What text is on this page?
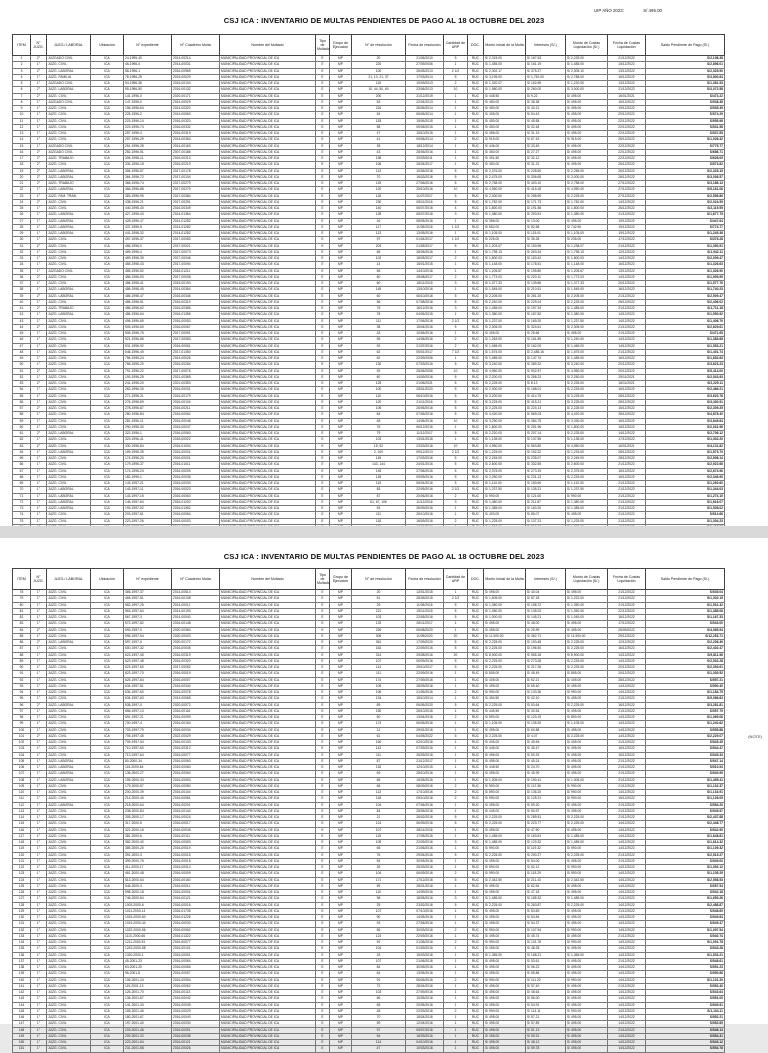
UIP AÑO 2023:	S/ 495.00
CSJ ICA : INVENTARIO DE MULTAS PENDIENTES DE PAGO AL 18 OCTUBRE DEL 2023
ITEM	N° JUZG.	JUZG./ LABORAL	Ubicación	N° expediente	N° Cuaderno Multa	Nombre del Multado	Tipo de Multado	Grupo de Ejecución	N° de resolución	Fecha de resolución	Cantidad de URP	DOC.	Monto inicial de la Multa	Intereses (S/.)	Monto de Costas Liquidación (S/.)	Fecha de Costas Liquidación	Saldo Pendiente de Pago (S/.)
1	2°	JUZGADO CIVIL	ICA	24-1995-40	2014-00214	MUNICIPALIDAD PROVINCIAL DE ICA	E	MP	20	21/06/2010	5	RUC	S/ 2,315.00	S/ 167.63	S/ 2,225.00	21/12/2022	S/2,198.38
2	1°	JUZG. CIVIL	ICA	46-1996-0	2014-00031	MUNICIPALIDAD PROVINCIAL DE ICA	E	MP	220	27/09/2006	1	RUC	S/ 1,485.00	S/ 161.19	S/ 1,485.00	15/12/2022	S/2,896.01
3	2°	JUZG. LABORAL	ICA	58-1996-1	2016-00969	MUNICIPALIDAD PROVINCIAL DE ICA	E	MP	100	26/05/2013	2 1/2	RUC	S/ 2,302.17	S/ 375.27	S/ 2,305.10	13/12/2022	S/2,325.90
4	1°	JUZG. FAMILIA	ICA	78-1996-25	2015-00029	MUNICIPALIDAD PROVINCIAL DE ICA	E	MP	21, 10, 21, 37	17/03/2014	5	RUC	S/ 3,195.00	S/ 1,752.00	S/ 2,788.00	16/12/2022	S/3,800.84
5	1°	JUZGADO CIVIL	ICA	94-1996-36	2016-00104	MUNICIPALIDAD PROVINCIAL DE ICA	E	MP	115	19/09/2013	2	RUC	S/ 1,320.07	S/ 162.69	S/ 1,220.00	13/12/2022	S/1,381.53
6	2°	JUZG. LABORAL	ICA	95-1996-50	2016-00132	MUNICIPALIDAD PROVINCIAL DE ICA	E	MP	10, 44, 50, 60	23/06/2013	10	RUC	S/ 1,980.00	S/ 260.00	S/ 3,000.00	21/12/2022	S/3,072.58
7	2°	JUZG. CIVIL	ICA	141-1996-0	2020-00171	MUNICIPALIDAD PROVINCIAL DE ICA	E	MP	200	21/12/2019	1	RUC	S/ 445.50	S/ 9.22	S/ 495.00	16/01/2021	S/473.22
8	1°	JUZGADO CIVIL	ICA	147-1996-0	2014-00029	MUNICIPALIDAD PROVINCIAL DE ICA	E	MP	53	22/04/2013	1	RUC	S/ 450.00	S/ 38.38	S/ 495.00	16/12/2022	S/538.38
9	1°	JUZG. CIVIL	ICA	156-1996-64	2014-00320	MUNICIPALIDAD PROVINCIAL DE ICA	E	MP	216	26/06/2014	1	RUC	S/ 450.00	S/ 40.21	S/ 495.00	19/12/2022	S/535.35
10	1°	JUZG. CIVIL	ICA	225-1996-2	2014-00063	MUNICIPALIDAD PROVINCIAL DE ICA	E	MP	54	06/06/2014	1	RUC	S/ 405.00	S/ 54.43	S/ 495.00	20/12/2022	S/574.29
11	1°	JUZG. CIVIL	ICA	223-1996-14	2016-00320	MUNICIPALIDAD PROVINCIAL DE ICA	E	MP	153	15/06/2015	1	RUC	S/ 450.00	S/ 45.58	S/ 495.00	22/12/2022	S/555.98
12	1°	JUZG. CIVIL	ICA	223-1996-74	2016-00332	MUNICIPALIDAD PROVINCIAL DE ICA	E	MP	58	05/06/2015	1	RUC	S/ 450.00	S/ 32.48	S/ 495.00	22/12/2022	S/531.58
13	1°	JUZG. CIVIL	ICA	257-1996-4	2016-00319	MUNICIPALIDAD PROVINCIAL DE ICA	E	MP	47	15/10/2015	1	RUC	S/ 456.00	S/ 31.19	S/ 495.00	22/12/2022	S/537.85
14	1°	JUZG. CIVIL	ICA	257-1996-29	2014-00354	MUNICIPALIDAD PROVINCIAL DE ICA	E	MP	41	05/06/2014	2	RUC	S/ 915.00	S/ 67.43	S/ 915.00	26/12/2022	S/1,028.32
15	1°	JUZGADO CIVIL	ICA	261-1996-28	2014-00163	MUNICIPALIDAD PROVINCIAL DE ICA	E	MP	35	18/12/2014	1	RUC	S/ 446.00	S/ 33.49	S/ 495.00	22/12/2022	S/775.77
16	2°	JUZGADO CIVIL	ICA	282-1996-51	2007-00186	MUNICIPALIDAD PROVINCIAL DE ICA	E	MP	43	28/06/2016	1	RUC	S/ 450.00	S/ 27.27	S/ 495.00	22/12/2022	S/686.71
17	2°	JUZG. TRABAJO	ICA	306-1996-11	2016-00213	MUNICIPALIDAD PROVINCIAL DE ICA	E	MP	198	20/09/2011	1	RUC	S/ 491.50	S/ 32.12	S/ 495.00	22/12/2022	S/628.09
18	2°	JUZG. CIVIL	ICA	334-1996-18	2016-00219	MUNICIPALIDAD PROVINCIAL DE ICA	E	MP	106	26/04/2017	1	RUC	S/ 450.00	S/ 31.31	S/ 495.00	26/12/2022	S/573.82
19	2°	JUZG. LABORAL	ICA	356-1996-57	2017-00178	MUNICIPALIDAD PROVINCIAL DE ICA	E	MP	113	10/06/2016	5	RUC	S/ 2,376.00	S/ 228.60	S/ 2,256.00	26/12/2022	S/2,325.15
20	2°	JUZG. LABORAL	ICA	364-1996-72	2017-00104	MUNICIPALIDAD PROVINCIAL DE ICA	E	MP	70	16/03/2016	5	RUC	S/ 2,475.00	S/ 306.65	S/ 3,000.00	26/12/2022	S/3,036.57
21	2°	JUZG. TRABAJO	ICA	366-1996-74	2017-00279	MUNICIPALIDAD PROVINCIAL DE ICA	E	MP	115	27/06/2016	5	RUC	S/ 2,758.00	S/ 403.10	S/ 2,758.00	27/12/2022	S/3,186.13
22	1°	JUZG. LABORAL	ICA	366-1996-88	2017-00279	MUNICIPALIDAD PROVINCIAL DE ICA	E	MP	120	25/10/2016	10	RUC	S/ 4,950.00	S/ 415.18	S/ 4,950.00	27/12/2022	S/5,161.06
23	1°	JUZG. FAM. TRAB.	ICA	383-1996-95	2017-00384	MUNICIPALIDAD PROVINCIAL DE ICA	E	MP	118	11/07/2017	5	RUC	S/ 2,300.00	S/ 258.69	S/ 2,225.00	27/12/2022	S/2,556.86
24	2°	JUZG. CIVIL	ICA	438-1996-21	2017-00291	MUNICIPALIDAD PROVINCIAL DE ICA	E	MP	230	08/11/2016	5	RUC	S/ 1,782.00	S/ 171.73	S/ 1,782.00	14/12/2022	S/2,024.59
25	1°	JUZG. CIVIL	ICA	440-1996-40	2016-00349	MUNICIPALIDAD PROVINCIAL DE ICA	E	MP	140	06/07/2016	4	RUC	S/ 1,800.00	S/ 191.58	S/ 1,800.00	26/12/2022	S/2,119.55
26	1°	JUZG. LABORAL	ICA	427-1996-43	2014-01364	MUNICIPALIDAD PROVINCIAL DE ICA	E	MP	128	08/07/2016	3	RUC	S/ 1,380.00	S/ 293.51	S/ 1,380.00	21/12/2022	S/1,677.75
27	1°	JUZG. LABORAL	ICA	428-1996-47	2014-01282	MUNICIPALIDAD PROVINCIAL DE ICA	E	MP	16	08/05/2016	1	RUC	S/ 356.00	S/ 13.00	S/ 495.00	19/12/2022	S/447.64
28	1°	JUZG. LABORAL	ICA	437-1996-5	2014-01282	MUNICIPALIDAD PROVINCIAL DE ICA	E	MP	117	11/05/2016	1 1/2	RUC	S/ 652.00	S/ 82.58	S/ 742.50	19/12/2022	S/774.77
29	1°	JUZG. LABORAL	ICA	441-1996-32	2014-01282	MUNICIPALIDAD PROVINCIAL DE ICA	E	MP	113	13/05/2016	1	RUC	S/ 1,105.00	S/ 115.01	S/ 1,105.00	19/12/2022	S/1,245.38
30	1°	JUZG. CIVIL	ICA	457-1996-37	2017-00083	MUNICIPALIDAD PROVINCIAL DE ICA	E	MP	97	01/04/2017	1 1/2	RUC	S/ 225.00	S/ 35.28	S/ 235.00	17/12/2022	S/376.28
31	2°	JUZG. CIVIL	ICA	466-1996-0	2017-00021	MUNICIPALIDAD PROVINCIAL DE ICA	E	MP	203	21/05/2017	5	RUC	S/ 1,203.07	S/ 153.96	S/ 1,238.07	21/12/2022	S/1,350.91
32	1°	JUZG. CIVIL	ICA	469-1996-4	2017-00073	MUNICIPALIDAD PROVINCIAL DE ICA	E	MP	65	28/06/2016	1	RUC	S/ 1,798.13	S/ 263.34	S/ 1,798.13	12/12/2022	S/1,942.11
33	1°	JUZG. CIVIL	ICA	469-1996-35	2017-00046	MUNICIPALIDAD PROVINCIAL DE ICA	E	MP	102	18/05/2017	2	RUC	S/ 1,800.03	S/ 163.42	S/ 1,800.03	14/12/2022	S/2,009.47
34	1°	JUZG. CIVIL	ICA	465-1996-43	2017-00094	MUNICIPALIDAD PROVINCIAL DE ICA	E	MP	14	15/01/2015	1	RUC	S/ 1,148.00	S/ 178.51	S/ 1,148.00	16/12/2022	S/1,326.63
35	1°	JUZGADO CIVIL	ICA	485-1996-52	2016-01211	MUNICIPALIDAD PROVINCIAL DE ICA	E	MP	65	14/10/2016	1	RUC	S/ 1,205.67	S/ 195.80	S/ 1,205.67	13/12/2022	S/1,326.90
36	2°	JUZG. CIVIL	ICA	486-1996-53	2017-00008	MUNICIPALIDAD PROVINCIAL DE ICA	E	MP	80	28/08/2017	2	RUC	S/ 1,773.03	S/ 220.11	S/ 1,773.03	14/12/2022	S/1,905.99
37	1°	JUZG. CIVIL	ICA	486-1996-41	2015-00190	MUNICIPALIDAD PROVINCIAL DE ICA	E	MP	60	18/11/2015	3	RUC	S/ 1,377.33	S/ 139.86	S/ 1,377.33	20/12/2022	S/1,577.76
38	1°	JUZG. LABORAL	ICA	486-1996-45	2014-00364	MUNICIPALIDAD PROVINCIAL DE ICA	E	MP	145	13/10/2016	1	RUC	S/ 1,545.00	S/ 210.51	S/ 1,545.00	16/12/2022	S/1,740.23
39	2°	JUZG. LABORAL	ICA	486-1996-47	2016-00346	MUNICIPALIDAD PROVINCIAL DE ICA	E	MP	60	06/10/2016	5	RUC	S/ 2,205.00	S/ 261.20	S/ 2,205.00	21/12/2022	S/2,509.47
40	1°	JUZG. CIVIL	ICA	486-1996-51	2016-00319	MUNICIPALIDAD PROVINCIAL DE ICA	E	MP	56	07/08/2016	5	RUC	S/ 2,240.00	S/ 229.24	S/ 2,225.00	28/12/2022	S/2,406.02
41	2°	JUZG. TRABAJO	ICA	486-1996-62	2016-00365	MUNICIPALIDAD PROVINCIAL DE ICA	E	MP	75	16/12/2016	3	RUC	S/ 1,485.00	S/ 197.34	S/ 1,485.00	21/12/2022	S/1,711.18
42	1°	JUZG. LABORAL	ICA	486-1996-64	2016-01356	MUNICIPALIDAD PROVINCIAL DE ICA	E	MP	78	04/06/2015	1	RUC	S/ 1,380.00	S/ 187.82	S/ 1,380.00	14/12/2022	S/1,550.92
43	1°	JUZG. CIVIL	ICA	496-1996-65	2016-00053	MUNICIPALIDAD PROVINCIAL DE ICA	E	MP	111	17/06/2016	2 1/2	RUC	S/ 1,237.00	S/ 169.20	S/ 1,237.50	14/12/2022	S/1,406.70
44	2°	JUZG. CIVIL	ICA	505-1996-60	2016-00067	MUNICIPALIDAD PROVINCIAL DE ICA	E	MP	38	15/04/2016	5	RUC	S/ 2,305.00	S/ 324.61	S/ 2,305.00	21/12/2022	S/2,629.61
45	1°	JUZG. CIVIL	ICA	506-1996-76	2017-00091	MUNICIPALIDAD PROVINCIAL DE ICA	E	MP	18	10/06/2016	1	RUC	S/ 405.00	S/ 25.66	S/ 495.00	21/12/2022	S/471.65
46	1°	JUZG. CIVIL	ICA	521-1996-86	2017-00083	MUNICIPALIDAD PROVINCIAL DE ICA	E	MP	95	14/06/2016	2	RUC	S/ 1,263.00	S/ 161.89	S/ 1,240.00	14/12/2022	S/1,383.68
47	1°	JUZG. CIVIL	ICA	531-1996-92	2016-00061	MUNICIPALIDAD PROVINCIAL DE ICA	E	MP	92	21/07/2016	2	RUC	S/ 1,465.00	S/ 162.00	S/ 1,465.00	14/12/2022	S/1,553.21
48	1°	JUZG. CIVIL	ICA	545-1996-49	2017-01350	MUNICIPALIDAD PROVINCIAL DE ICA	E	MP	62	05/01/2017	7 1/2	RUC	S/ 1,575.00	S/ 2,485.16	S/ 1,575.00	21/12/2022	S/1,401.74
49	1°	JUZG. CIVIL	ICA	756-1996-24	2014-00026	MUNICIPALIDAD PROVINCIAL DE ICA	E	MP	62	22/09/2006	1	RUC	S/ 1,485.00	S/ 147.74	S/ 1,485.00	16/12/2022	S/1,652.83
50	1°	JUZG. CIVIL	ICA	768-1996-20	2016-00264	MUNICIPALIDAD PROVINCIAL DE ICA	E	MP	130	07/03/2016	5	RUC	S/ 3,240.00	S/ 389.32	S/ 3,240.00	20/12/2022	S/3,623.23
51	2°	JUZG. CIVIL	ICA	791-1996-22	2017-00076	MUNICIPALIDAD PROVINCIAL DE ICA	E	MP	92	26/06/2006	10	RUC	S/ 4,950.00	S/ 502.57	S/ 4,950.00	20/12/2022	S/5,414.00
52	1°	JUZG. CIVIL	ICA	193-1996-25	2021-00365	MUNICIPALIDAD PROVINCIAL DE ICA	E	MP	60	14/09/2016	5	RUC	S/ 2,200.00	S/ 256.23	S/ 2,250.00	25/11/2021	S/2,543.93
53	2°	JUZG. CIVIL	ICA	241-1996-20	2021-00353	MUNICIPALIDAD PROVINCIAL DE ICA	E	MP	125	21/06/2021	5	RUC	S/ 2,225.00	S/ 8.13	S/ 2,225.00	16/11/2021	S/2,225.11
54	1°	JUZG. CIVIL	ICA	262-1996-30	2016-00031	MUNICIPALIDAD PROVINCIAL DE ICA	E	MP	100	28/01/2020	5	RUC	S/ 2,300.00	S/ 188.01	S/ 2,225.00	16/12/2022	S/2,466.21
55	1°	JUZG. CIVIL	ICA	271-1996-21	2016-00179	MUNICIPALIDAD PROVINCIAL DE ICA	E	MP	110	06/10/2016	5	RUC	S/ 3,200.00	S/ 414.75	S/ 3,225.00	28/12/2022	S/3,620.76
56	1°	JUZG. CIVIL	ICA	276-1996-69	2016-00104	MUNICIPALIDAD PROVINCIAL DE ICA	E	MP	120	21/11/2016	5	RUC	S/ 3,225.00	S/ 415.21	S/ 3,225.00	28/12/2022	S/3,430.91
57	2°	JUZG. CIVIL	ICA	278-1996-87	2016-00211	MUNICIPALIDAD PROVINCIAL DE ICA	E	MP	105	26/06/2016	5	RUC	S/ 2,225.00	S/ 224.13	S/ 2,225.00	16/12/2022	S/2,309.25
58	1°	JUZG. CIVIL	ICA	280-1996-84	2016-00062	MUNICIPALIDAD PROVINCIAL DE ICA	E	MP	84	07/06/2016	5	RUC	S/ 4,420.00	S/ 569.03	S/ 4,420.00	28/12/2022	S/4,878.40
59	1°	JUZG. CIVIL	ICA	281-1996-11	2016-00048	MUNICIPALIDAD PROVINCIAL DE ICA	E	MP	48	14/06/2016	10	RUC	S/ 3,290.00	S/ 384.75	S/ 3,330.00	16/12/2022	S/3,649.84
60	1°	JUZG. CIVIL	ICA	290-1996-30	2016-00047	MUNICIPALIDAD PROVINCIAL DE ICA	E	MP	76	06/12/2016	1	RUC	S/ 1,800.00	S/ 251.96	S/ 1,800.00	16/12/2022	S/2,031.96
61	2°	JUZG. LABORAL	ICA	322-1996-1	2016-00060	MUNICIPALIDAD PROVINCIAL DE ICA	E	MP	79	11/12/2017	5	RUC	S/ 2,220.00	S/ 207.14	S/ 2,225.00	14/12/2022	S/2,706.12
62	1°	JUZG. CIVIL	ICA	323-1996-41	2018-00022	MUNICIPALIDAD PROVINCIAL DE ICA	E	MP	103	13/01/2018	1	RUC	S/ 1,135.00	S/ 137.55	S/ 1,135.00	17/12/2022	S/1,302.20
63	2°	JUZG. CIVIL	ICA	330-1996-84	2016-01004	MUNICIPALIDAD PROVINCIAL DE ICA	E	MP	18, 52	23/03/2016	10	RUC	S/ 4,950.00	S/ 563.80	S/ 4,950.00	16/01/2021	S/4,131.82
64	1°	JUZG. LABORAL	ICA	169-1996-39	2016-00031	MUNICIPALIDAD PROVINCIAL DE ICA	E	MP	2, 100	09/12/2013	2 1/2	RUC	S/ 1,225.00	S/ 152.22	S/ 1,233.00	28/12/2022	S/1,573.70
65	1°	JUZG. CIVIL	ICA	174-1996-20	2016-00001	MUNICIPALIDAD PROVINCIAL DE ICA	E	MP	145	17/03/2016	5	RUC	S/ 2,245.00	S/ 235.07	S/ 2,245.00	28/12/2022	S/2,508.14
66	1°	JUZG. CIVIL	ICA	179-1996-37	2016-01011	MUNICIPALIDAD PROVINCIAL DE ICA	E	MP	143, 144	24/01/2016	5	RUC	S/ 2,600.00	S/ 332.55	S/ 2,600.00	21/12/2022	S/2,922.66
67	1°	JUZG. CIVIL	ICA	174-1996-24	2016-00009	MUNICIPALIDAD PROVINCIAL DE ICA	E	MP	145	27/06/2016	5	RUC	S/ 2,375.00	S/ 273.19	S/ 2,375.00	16/12/2022	S/2,674.96
68	1°	JUZG. CIVIL	ICA	182-1996-1	2016-00035	MUNICIPALIDAD PROVINCIAL DE ICA	E	MP	145	05/09/2016	5	RUC	S/ 2,250.00	S/ 231.13	S/ 2,225.00	16/12/2022	S/2,346.90
69	1°	JUZG. CIVIL	ICA	143-1997-21	2016-00030	MUNICIPALIDAD PROVINCIAL DE ICA	E	MP	115	06/04/2016	5	RUC	S/ 1,110.00	S/ 150.60	S/ 1,110.00	21/12/2022	S/1,260.60
70	1°	JUZG. LABORAL	ICA	143-1997-11	2016-00023	MUNICIPALIDAD PROVINCIAL DE ICA	E	MP	83	22/05/2016	2 1/2	RUC	S/ 1,237.50	S/ 135.21	S/ 1,237.50	21/12/2022	S/1,344.03
71	1°	JUZG. LABORAL	ICA	143-1997-15	2016-00063	MUNICIPALIDAD PROVINCIAL DE ICA	E	MP	87	20/06/2016	2	RUC	S/ 990.00	S/ 121.60	S/ 990.00	21/12/2022	S/1,274.10
72	1°	JUZG. LABORAL	ICA	145-1997-64	2016-01202	MUNICIPALIDAD PROVINCIAL DE ICA	E	MP	61, 67, 106	11/12/2016	3	RUC	S/ 1,380.00	S/ 211.87	S/ 1,380.00	21/12/2022	S/1,616.07
73	1°	JUZG. LABORAL	ICA	193-1997-52	2016-01352	MUNICIPALIDAD PROVINCIAL DE ICA	E	MP	54	26/09/2016	1	RUC	S/ 1,385.00	S/ 160.20	S/ 1,385.00	21/12/2022	S/1,508.02
74	1°	JUZG. CIVIL	ICA	203-1997-61	2016-00064	MUNICIPALIDAD PROVINCIAL DE ICA	E	MP	111	26/10/2016	1	RUC	S/ 403.00	S/ 85.07	S/ 495.00	21/12/2022	S/514.66
75	1°	JUZG. CIVIL	ICA	223-1997-26	2016-00003	MUNICIPALIDAD PROVINCIAL DE ICA	E	MP	118	16/09/2016	2	RUC	S/ 1,225.00	S/ 137.31	S/ 1,225.00	21/12/2022	S/1,304.23

CSJ ICA : INVENTARIO DE MULTAS PENDIENTES DE PAGO AL 18 OCTUBRE DEL 2023
ITEM	N° JUZG.	JUZG./ LABORAL	Ubicación	N° expediente	N° Cuaderno Multa	Nombre del Multado	Tipo de Multado	Grupo de Ejecución	N° de resolución	Fecha de resolución	Cantidad de URP	DOC.	Monto inicial de la Multa	Intereses (S/.)	Monto de Costas Liquidación (S/.)	Fecha de Costas Liquidación	Saldo Pendiente de Pago (S/.)
78	1°	JUZG. CIVIL	ICA	465-1997-37	2014-00514	MUNICIPALIDAD PROVINCIAL DE ICA	E	MP	20	13/01/2015	1	RUC	S/ 495.00	S/ 40.04	S/ 495.00	21/12/2022	S/535.04
79	1°	JUZG. CIVIL	ICA	465-1997-51	2016-00108	MUNICIPALIDAD PROVINCIAL DE ICA	E	MP	51	28/06/2015	2 1/2	RUC	S/ 1,505.00	S/ 87.18	S/ 1,222.00	21/12/2022	S/1,302.19
80	1°	JUZG. CIVIL	ICA	562-1997-25	2014-00011	MUNICIPALIDAD PROVINCIAL DE ICA	E	MP	29	11/05/2016	5	RUC	S/ 1,350.00	S/ 158.72	S/ 1,350.00	21/12/2022	S/1,531.32
81	1°	JUZG. CIVIL	ICA	563-1997-64	2014-00190	MUNICIPALIDAD PROVINCIAL DE ICA	E	MP	221	19/11/2015	5	RUC	S/ 1,350.00	S/ 135.03	S/ 1,350.00	22/12/2022	S/1,385.08
82	1°	JUZG. CIVIL	ICA	567-1997-3	2014-00040	MUNICIPALIDAD PROVINCIAL DE ICA	E	MP	103	22/05/2016	5	RUC	S/ 1,000.00	S/ 145.21	S/ 1,045.00	16/12/2022	S/1,167.33
83	1°	JUZG. CIVIL	ICA	572-1997-82	2016-00148	MUNICIPALIDAD PROVINCIAL DE ICA	E	MP	133	26/11/2017	1	RUC	S/ 495.00	S/ 48.00	S/ 495.00	17/12/2022	S/543.00
84	2°	JUZG. CIVIL	ICA	593-1997-0	2020-00360	MUNICIPALIDAD PROVINCIAL DE ICA	E	MP	226	06/08/2020	1	RUC	S/ 495.00	S/ 25.99	S/ 495.00	26/09/2022	S/4,085.94
85	1°	JUZG. CIVIL	ICA	595-1997-54	2020-00003	MUNICIPALIDAD PROVINCIAL DE ICA	E	MP	305	11/09/2020	20	RUC	S/ 11,900.00	S/ 362.71	S/ 11,900.00	29/12/2022	S/12,253.71
86	2°	JUZG. LABORAL	ICA	597-1997-0	2020-00172	MUNICIPALIDAD PROVINCIAL DE ICA	E	MP	361	17/09/2020	5	RUC	S/ 2,225.00	S/ 153.48	S/ 2,225.00	12/12/2022	S/2,206.36
87	1°	JUZG. CIVIL	ICA	600-1997-32	2016-00045	MUNICIPALIDAD PROVINCIAL DE ICA	E	MP	162	22/09/2016	5	RUC	S/ 2,225.00	S/ 196.50	S/ 2,225.00	16/12/2022	S/2,402.47
88	1°	JUZG. CIVIL	ICA	623-1997-45	2016-00319	MUNICIPALIDAD PROVINCIAL DE ICA	E	MP	314	25/08/2016	20	RUC	S/ 8,900.00	S/ 965.18	S/ 8,900.00	14/12/2022	S/9,811.96
89	1°	JUZG. CIVIL	ICA	623-1997-48	2016-00320	MUNICIPALIDAD PROVINCIAL DE ICA	E	MP	107	06/09/2016	5	RUC	S/ 2,225.00	S/ 273.28	S/ 2,225.00	14/12/2022	S/2,502.28
90	1°	JUZG. CIVIL	ICA	623-1997-60	2017-00052	MUNICIPALIDAD PROVINCIAL DE ICA	E	MP	114	25/10/2017	5	RUC	S/ 2,225.00	S/ 217.26	S/ 2,225.00	20/12/2022	S/2,393.61
91	1°	JUZG. CIVIL	ICA	623-1997-70	2016-00019	MUNICIPALIDAD PROVINCIAL DE ICA	E	MP	111	22/09/2016	1	RUC	S/ 805.00	S/ 45.49	S/ 855.00	20/12/2022	S/1,030.52
92	1°	JUZG. CIVIL	ICA	625-1997-84	2016-00007	MUNICIPALIDAD PROVINCIAL DE ICA	E	MP	174	27/09/2016	1	RUC	S/ 405.00	S/ 52.21	S/ 405.00	28/12/2022	S/557.21
93	1°	JUZG. CIVIL	ICA	634-1997-51	2016-00340	MUNICIPALIDAD PROVINCIAL DE ICA	E	MP	105	28/09/2016	1	RUC	S/ 495.00	S/ 65.40	S/ 495.00	14/12/2022	S/590.40
94	1°	JUZG. CIVIL	ICA	634-1997-60	2016-00078	MUNICIPALIDAD PROVINCIAL DE ICA	E	MP	106	21/06/2016	2	RUC	S/ 990.00	S/ 133.36	S/ 990.00	14/12/2022	S/1,184.75
95	1°	JUZG. CIVIL	ICA	634-1997-63	2014-00065	MUNICIPALIDAD PROVINCIAL DE ICA	E	MP	134	15/10/2014	1	RUC	S/ 454.50	S/ 42.10	S/ 495.00	21/12/2022	S/5,086.63
96	2°	JUZG. LABORAL	ICA	638-1997-0	2020-00072	MUNICIPALIDAD PROVINCIAL DE ICA	E	MP	89	06/05/2020	5	RUC	S/ 2,225.00	S/ 53.64	S/ 2,225.00	16/12/2022	S/3,281.81
97	1°	JUZG. CIVIL	ICA	656-1997-13	2016-00116	MUNICIPALIDAD PROVINCIAL DE ICA	E	MP	150	26/10/2016	1	RUC	S/ 445.50	S/ 30.54	S/ 495.00	21/12/2022	S/557.79
98	1°	JUZG. CIVIL	ICA	691-1997-21	2016-00099	MUNICIPALIDAD PROVINCIAL DE ICA	E	MP	50	13/04/2016	2	RUC	S/ 890.00	S/ 120.19	S/ 890.00	14/12/2022	S/1,069.06
99	1°	JUZG. CIVIL	ICA	700-1997-4	2016-00154	MUNICIPALIDAD PROVINCIAL DE ICA	E	MP	174	06/06/2016	1	RUC	S/ 1,105.00	S/ 135.30	S/ 1,105.00	14/12/2022	S/1,240.62
100	1°	JUZG. CIVIL	ICA	703-1997-79	2016-00034	MUNICIPALIDAD PROVINCIAL DE ICA	E	MP	12	29/01/2016	1	RUC	S/ 495.00	S/ 60.88	S/ 495.00	14/12/2022	S/555.88
101	2°	JUZG. CIVIL	ICA	705-1997-45	2022-00029	MUNICIPALIDAD PROVINCIAL DE ICA	E	MP	61	04/05/2022	5	RUC	S/ 2,225.00	S/ 4.07	S/ 2,225.00	14/12/2022	S/2,229.07
102	1°	JUZG. CIVIL	ICA	709-1997-54	2016-00103	MUNICIPALIDAD PROVINCIAL DE ICA	E	MP	160	02/10/2016	1	RUC	S/ 405.00	S/ 45.45	S/ 405.00	21/12/2022	S/545.45
103	1°	JUZG. CIVIL	ICA	710-1997-60	2016-00312	MUNICIPALIDAD PROVINCIAL DE ICA	E	MP	142	07/09/2016	1	RUC	S/ 445.00	S/ 45.47	S/ 495.00	16/12/2022	S/544.47
104	1°	JUZG. CIVIL	ICA	713-1997-64	2016-00077	MUNICIPALIDAD PROVINCIAL DE ICA	E	MP	111	26/09/2016	1	RUC	S/ 495.00	S/ 50.33	S/ 495.00	16/12/2022	S/545.33
105	1°	JUZG. LABORAL	ICA	80-2000-34	2016-00060	MUNICIPALIDAD PROVINCIAL DE ICA	E	MP	87	21/12/2017	1	RUC	S/ 498.00	S/ 45.24	S/ 495.00	21/12/2022	S/547.14
106	1°	JUZG. LABORAL	ICA	115-2000-64	2015-00060	MUNICIPALIDAD PROVINCIAL DE ICA	E	MP	116	12/10/2015	1	RUC	S/ 445.50	S/ 24.70	S/ 495.00	21/12/2022	S/510.54
107	1°	JUZG. LABORAL	ICA	136-2000-27	2016-00060	MUNICIPALIDAD PROVINCIAL DE ICA	E	MP	69	28/10/2016	1	RUC	S/ 495.00	S/ 45.99	S/ 495.00	21/12/2022	S/540.99
108	1°	JUZG. LABORAL	ICA	155-2000-33	2016-00053	MUNICIPALIDAD PROVINCIAL DE ICA	E	MP	65	19/05/2016	1	RUC	S/ 1,305.00	S/ 190.41	S/ 1,305.00	21/12/2022	S/1,495.41
109	1°	JUZG. CIVIL	ICA	179-2000-57	2016-00080	MUNICIPALIDAD PROVINCIAL DE ICA	E	MP	56	08/09/2016	2	RUC	S/ 990.00	S/ 112.36	S/ 990.00	21/12/2022	S/1,102.37
110	1°	JUZG. CIVIL	ICA	200-2000-39	2016-00104	MUNICIPALIDAD PROVINCIAL DE ICA	E	MP	113	17/10/2016	2	RUC	S/ 890.00	S/ 136.20	S/ 990.00	14/12/2022	S/1,134.91
111	1°	JUZG. CIVIL	ICA	214-2000-40	2016-00061	MUNICIPALIDAD PROVINCIAL DE ICA	E	MP	118	09/10/2016	2	RUC	S/ 990.00	S/ 125.21	S/ 990.00	16/12/2022	S/1,126.05
112	1°	JUZG. LABORAL	ICA	218-2000-64	2016-00201	MUNICIPALIDAD PROVINCIAL DE ICA	E	MP	104	07/06/2016	1	RUC	S/ 495.00	S/ 59.20	S/ 495.00	21/12/2022	S/554.20
113	1°	JUZG. CIVIL	ICA	238-2000-84	2016-00144	MUNICIPALIDAD PROVINCIAL DE ICA	E	MP	84	28/06/2016	1	RUC	S/ 445.00	S/ 50.97	S/ 495.00	21/12/2022	S/545.97
114	1°	JUZG. CIVIL	ICA	305-2000-17	2016-00024	MUNICIPALIDAD PROVINCIAL DE ICA	E	MP	21	26/02/2016	5	RUC	S/ 2,225.00	S/ 289.51	S/ 2,225.00	21/12/2022	S/2,437.88
115	1°	JUZG. CIVIL	ICA	317-2000-5	2016-00017	MUNICIPALIDAD PROVINCIAL DE ICA	E	MP	124	06/09/2016	5	RUC	S/ 2,225.00	S/ 223.77	S/ 2,225.00	14/12/2022	S/2,448.77
116	1°	JUZG. CIVIL	ICA	321-2000-16	2016-00045	MUNICIPALIDAD PROVINCIAL DE ICA	E	MP	107	28/11/2016	1	RUC	S/ 495.00	S/ 47.90	S/ 495.00	14/12/2022	S/542.90
117	1°	JUZG. CIVIL	ICA	381-2000-6	2016-00111	MUNICIPALIDAD PROVINCIAL DE ICA	E	MP	115	17/05/2016	1	RUC	S/ 1,485.00	S/ 163.81	S/ 1,485.00	14/12/2022	S/1,648.81
118	1°	JUZG. CIVIL	ICA	382-2000-40	2016-00063	MUNICIPALIDAD PROVINCIAL DE ICA	E	MP	105	22/09/2016	3	RUC	S/ 1,485.00	S/ 129.32	S/ 1,485.00	14/12/2022	S/1,614.32
119	1°	JUZG. CIVIL	ICA	385-2000-20	2016-00019	MUNICIPALIDAD PROVINCIAL DE ICA	E	MP	65	21/06/2016	1	RUC	S/ 990.00	S/ 119.32	S/ 990.00	14/12/2022	S/1,109.32
120	1°	JUZG. CIVIL	ICA	391-2000-3	2016-00015	MUNICIPALIDAD PROVINCIAL DE ICA	E	MP	76	29/04/2016	5	RUC	S/ 2,225.00	S/ 290.27	S/ 2,225.00	21/12/2022	S/2,515.27
121	1°	JUZG. CIVIL	ICA	399-2000-76	2016-00015	MUNICIPALIDAD PROVINCIAL DE ICA	E	MP	54	30/05/2016	1	RUC	S/ 495.00	S/ 54.00	S/ 495.00	21/12/2022	S/549.00
122	1°	JUZG. CIVIL	ICA	411-2000-17	2016-00014	MUNICIPALIDAD PROVINCIAL DE ICA	E	MP	39	26/03/2016	1	RUC	S/ 890.00	S/ 62.12	S/ 990.00	14/12/2022	S/1,052.12
123	1°	JUZG. CIVIL	ICA	461-2000-48	2016-00009	MUNICIPALIDAD PROVINCIAL DE ICA	E	MP	104	06/09/2016	2	RUC	S/ 990.00	S/ 115.29	S/ 990.00	14/12/2022	S/1,105.29
124	1°	JUZG. CIVIL	ICA	513-2000-64	2016-00160	MUNICIPALIDAD PROVINCIAL DE ICA	E	MP	171	17/12/2016	5	RUC	S/ 2,342.50	S/ 211.43	S/ 2,342.50	14/12/2022	S/2,558.53
125	1°	JUZG. CIVIL	ICA	546-2000-3	2016-00011	MUNICIPALIDAD PROVINCIAL DE ICA	E	MP	59	28/01/2016	1	RUC	S/ 495.00	S/ 62.54	S/ 495.00	14/12/2022	S/557.54
126	1°	JUZG. CIVIL	ICA	598-2000-18	2016-00001	MUNICIPALIDAD PROVINCIAL DE ICA	E	MP	110	14/09/2016	1	RUC	S/ 495.00	S/ 47.18	S/ 495.00	14/12/2022	S/542.18
127	1°	JUZG. CIVIL	ICA	746-2000-64	2016-00121	MUNICIPALIDAD PROVINCIAL DE ICA	E	MP	98	18/05/2016	3	RUC	S/ 1,485.00	S/ 185.32	S/ 1,485.00	21/12/2022	S/1,650.26
128	1°	JUZG. CIVIL	ICA	1003-2000-6	2016-00016	MUNICIPALIDAD PROVINCIAL DE ICA	E	MP	25	23/02/2016	5	RUC	S/ 2,225.00	S/ 263.87	S/ 2,225.00	14/12/2022	S/2,488.87
129	1°	JUZG. CIVIL	ICA	1011-2000-14	2016-01735	MUNICIPALIDAD PROVINCIAL DE ICA	E	MP	107	07/10/2016	1	RUC	S/ 495.00	S/ 53.69	S/ 495.00	21/12/2022	S/548.69
130	1°	JUZG. CIVIL	ICA	1015-2000-60	2016-01226	MUNICIPALIDAD PROVINCIAL DE ICA	E	MP	90	14/05/2016	1	RUC	S/ 495.00	S/ 54.84	S/ 495.00	14/12/2022	S/549.84
131	1°	JUZG. CIVIL	ICA	1019-2000-44	2016-00030	MUNICIPALIDAD PROVINCIAL DE ICA	E	MP	93	27/05/2016	1	RUC	S/ 495.00	S/ 54.37	S/ 495.00	14/12/2022	S/549.37
132	1°	JUZG. CIVIL	ICA	1022-2000-56	2016-00062	MUNICIPALIDAD PROVINCIAL DE ICA	E	MP	56	30/03/2016	2	RUC	S/ 990.00	S/ 107.54	S/ 990.00	14/12/2022	S/1,097.54
133	1°	JUZG. CIVIL	ICA	1110-2000-66	2016-01322	MUNICIPALIDAD PROVINCIAL DE ICA	E	MP	124	22/09/2016	1	RUC	S/ 495.00	S/ 45.74	S/ 495.00	21/12/2022	S/540.74
134	1°	JUZG. CIVIL	ICA	1211-2000-51	2016-00077	MUNICIPALIDAD PROVINCIAL DE ICA	E	MP	92	21/06/2016	2	RUC	S/ 990.00	S/ 101.78	S/ 990.00	14/12/2022	S/1,091.78
135	1°	JUZG. CIVIL	ICA	1243-2000-58	2016-00101	MUNICIPALIDAD PROVINCIAL DE ICA	E	MP	104	01/09/2016	1	RUC	S/ 495.00	S/ 48.28	S/ 495.00	14/12/2022	S/543.28
136	1°	JUZG. CIVIL	ICA	1320-2000-1	2016-00001	MUNICIPALIDAD PROVINCIAL DE ICA	E	MP	33	15/03/2016	1	RUC	S/ 1,365.00	S/ 168.21	S/ 1,365.00	14/12/2022	S/1,533.21
137	1°	JUZG. CIVIL	ICA	45-2001-23	2016-00064	MUNICIPALIDAD PROVINCIAL DE ICA	E	MP	107	21/06/2016	1	RUC	S/ 495.00	S/ 53.61	S/ 495.00	21/12/2022	S/548.61
138	1°	JUZG. CIVIL	ICA	63-2001-20	2016-00065	MUNICIPALIDAD PROVINCIAL DE ICA	E	MP	84	30/05/2016	1	RUC	S/ 495.00	S/ 56.23	S/ 495.00	14/12/2022	S/551.23
139	1°	JUZG. CIVIL	ICA	96-2001-8	2016-00057	MUNICIPALIDAD PROVINCIAL DE ICA	E	MP	64	13/05/2016	1	RUC	S/ 495.00	S/ 55.86	S/ 495.00	14/12/2022	S/550.86
140	1°	JUZG. CIVIL	ICA	106-2001-24	2016-00054	MUNICIPALIDAD PROVINCIAL DE ICA	E	MP	91	06/06/2016	2	RUC	S/ 990.00	S/ 111.20	S/ 990.00	14/12/2022	S/1,101.20
141	1°	JUZG. CIVIL	ICA	119-2001-13	2016-00062	MUNICIPALIDAD PROVINCIAL DE ICA	E	MP	72	28/04/2016	1	RUC	S/ 495.00	S/ 57.40	S/ 495.00	21/12/2022	S/552.40
142	1°	JUZG. CIVIL	ICA	125-2001-70	2016-00113	MUNICIPALIDAD PROVINCIAL DE ICA	E	MP	103	27/09/2016	1	RUC	S/ 495.00	S/ 48.64	S/ 495.00	14/12/2022	S/543.64
143	1°	JUZG. CIVIL	ICA	136-2001-67	2016-00042	MUNICIPALIDAD PROVINCIAL DE ICA	E	MP	66	10/05/2016	1	RUC	S/ 495.00	S/ 56.00	S/ 495.00	14/12/2022	S/551.00
144	1°	JUZG. CIVIL	ICA	141-2001-30	2016-00049	MUNICIPALIDAD PROVINCIAL DE ICA	E	MP	65	20/05/2016	1	RUC	S/ 495.00	S/ 54.91	S/ 495.00	14/12/2022	S/549.91
145	1°	JUZG. CIVIL	ICA	155-2001-46	2016-00029	MUNICIPALIDAD PROVINCIAL DE ICA	E	MP	48	22/03/2016	2	RUC	S/ 990.00	S/ 114.11	S/ 990.00	14/12/2022	S/1,104.11
146	1°	JUZG. CIVIL	ICA	180-2001-67	2016-00040	MUNICIPALIDAD PROVINCIAL DE ICA	E	MP	70	18/04/2016	1	RUC	S/ 495.00	S/ 57.21	S/ 495.00	14/12/2022	S/552.21
147	1°	JUZG. CIVIL	ICA	197-2001-40	2016-00030	MUNICIPALIDAD PROVINCIAL DE ICA	E	MP	59	12/04/2016	1	RUC	S/ 495.00	S/ 57.89	S/ 495.00	14/12/2022	S/552.89
148	1°	JUZG. CIVIL	ICA	203-2001-46	2016-00091	MUNICIPALIDAD PROVINCIAL DE ICA	E	MP	97	05/07/2016	1	RUC	S/ 495.00	S/ 51.13	S/ 495.00	21/12/2022	S/546.13
149	1°	JUZG. CIVIL	ICA	209-2001-32	2016-00038	MUNICIPALIDAD PROVINCIAL DE ICA	E	MP	54	16/03/2016	1	RUC	S/ 495.00	S/ 59.31	S/ 495.00	14/12/2022	S/554.31
150	1°	JUZG. CIVIL	ICA	223-2001-64	2016-00121	MUNICIPALIDAD PROVINCIAL DE ICA	E	MP	114	04/10/2016	1	RUC	S/ 495.00	S/ 48.12	S/ 495.00	14/12/2022	S/543.12
151	1°	JUZG. CIVIL	ICA	231-2001-58	2016-00026	MUNICIPALIDAD PROVINCIAL DE ICA	E	MP	47	10/03/2016	1	RUC	S/ 495.00	S/ 59.78	S/ 495.00	14/12/2022	S/554.78
(NOTE)
